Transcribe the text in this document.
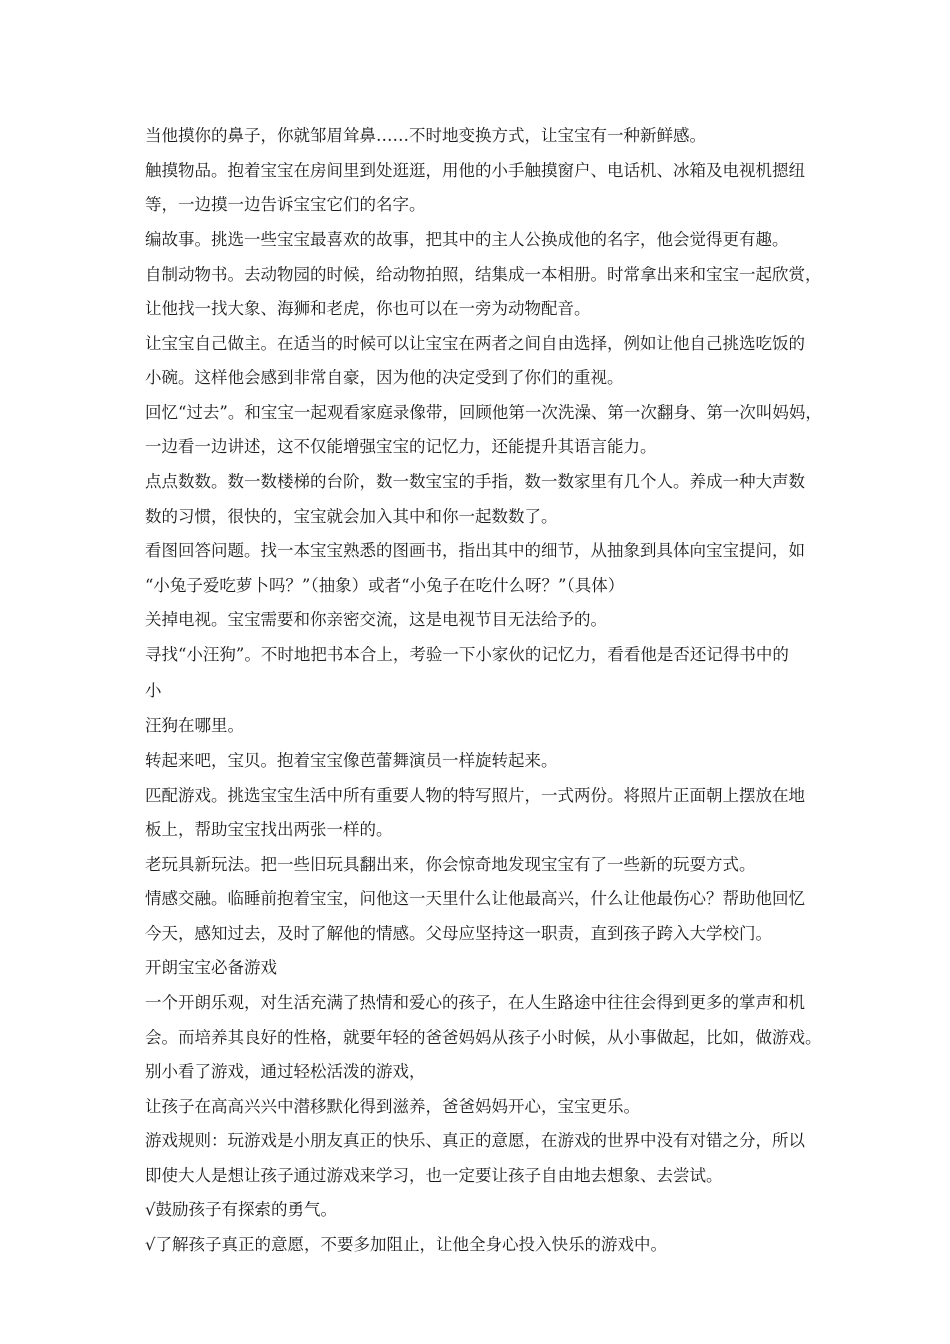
当他摸你的鼻子，你就邹眉耸鼻……不时地变换方式，让宝宝有一种新鲜感。
触摸物品。抱着宝宝在房间里到处逛逛，用他的小手触摸窗户、电话机、冰箱及电视机摁纽
等，一边摸一边告诉宝宝它们的名字。
编故事。挑选一些宝宝最喜欢的故事，把其中的主人公换成他的名字，他会觉得更有趣。
自制动物书。去动物园的时候，给动物拍照，结集成一本相册。时常拿出来和宝宝一起欣赏，
让他找一找大象、海狮和老虎，你也可以在一旁为动物配音。
让宝宝自己做主。在适当的时候可以让宝宝在两者之间自由选择，例如让他自己挑选吃饭的
小碗。这样他会感到非常自豪，因为他的决定受到了你们的重视。
回忆“过去”。和宝宝一起观看家庭录像带，回顾他第一次洗澡、第一次翻身、第一次叫妈妈，
一边看一边讲述，这不仅能增强宝宝的记忆力，还能提升其语言能力。
点点数数。数一数楼梯的台阶，数一数宝宝的手指，数一数家里有几个人。养成一种大声数
数的习惯，很快的，宝宝就会加入其中和你一起数数了。
看图回答问题。找一本宝宝熟悉的图画书，指出其中的细节，从抽象到具体向宝宝提问，如
“小兔子爱吃萝卜吗？”（抽象）或者“小兔子在吃什么呀？”（具体）
关掉电视。宝宝需要和你亲密交流，这是电视节目无法给予的。
寻找“小汪狗”。不时地把书本合上，考验一下小家伙的记忆力，看看他是否还记得书中的
小
汪狗在哪里。
转起来吧，宝贝。抱着宝宝像芭蕾舞演员一样旋转起来。
匹配游戏。挑选宝宝生活中所有重要人物的特写照片，一式两份。将照片正面朝上摆放在地
板上，帮助宝宝找出两张一样的。
老玩具新玩法。把一些旧玩具翻出来，你会惊奇地发现宝宝有了一些新的玩耍方式。
情感交融。临睡前抱着宝宝，问他这一天里什么让他最高兴，什么让他最伤心？帮助他回忆
今天，感知过去，及时了解他的情感。父母应坚持这一职责，直到孩子跨入大学校门。
开朗宝宝必备游戏
一个开朗乐观，对生活充满了热情和爱心的孩子，在人生路途中往往会得到更多的掌声和机
会。而培养其良好的性格，就要年轻的爸爸妈妈从孩子小时候，从小事做起，比如，做游戏。
别小看了游戏，通过轻松活泼的游戏，
让孩子在高高兴兴中潜移默化得到滋养，爸爸妈妈开心，宝宝更乐。
游戏规则：玩游戏是小朋友真正的快乐、真正的意愿，在游戏的世界中没有对错之分，所以
即使大人是想让孩子通过游戏来学习，也一定要让孩子自由地去想象、去尝试。
√鼓励孩子有探索的勇气。
√了解孩子真正的意愿，不要多加阻止，让他全身心投入快乐的游戏中。
